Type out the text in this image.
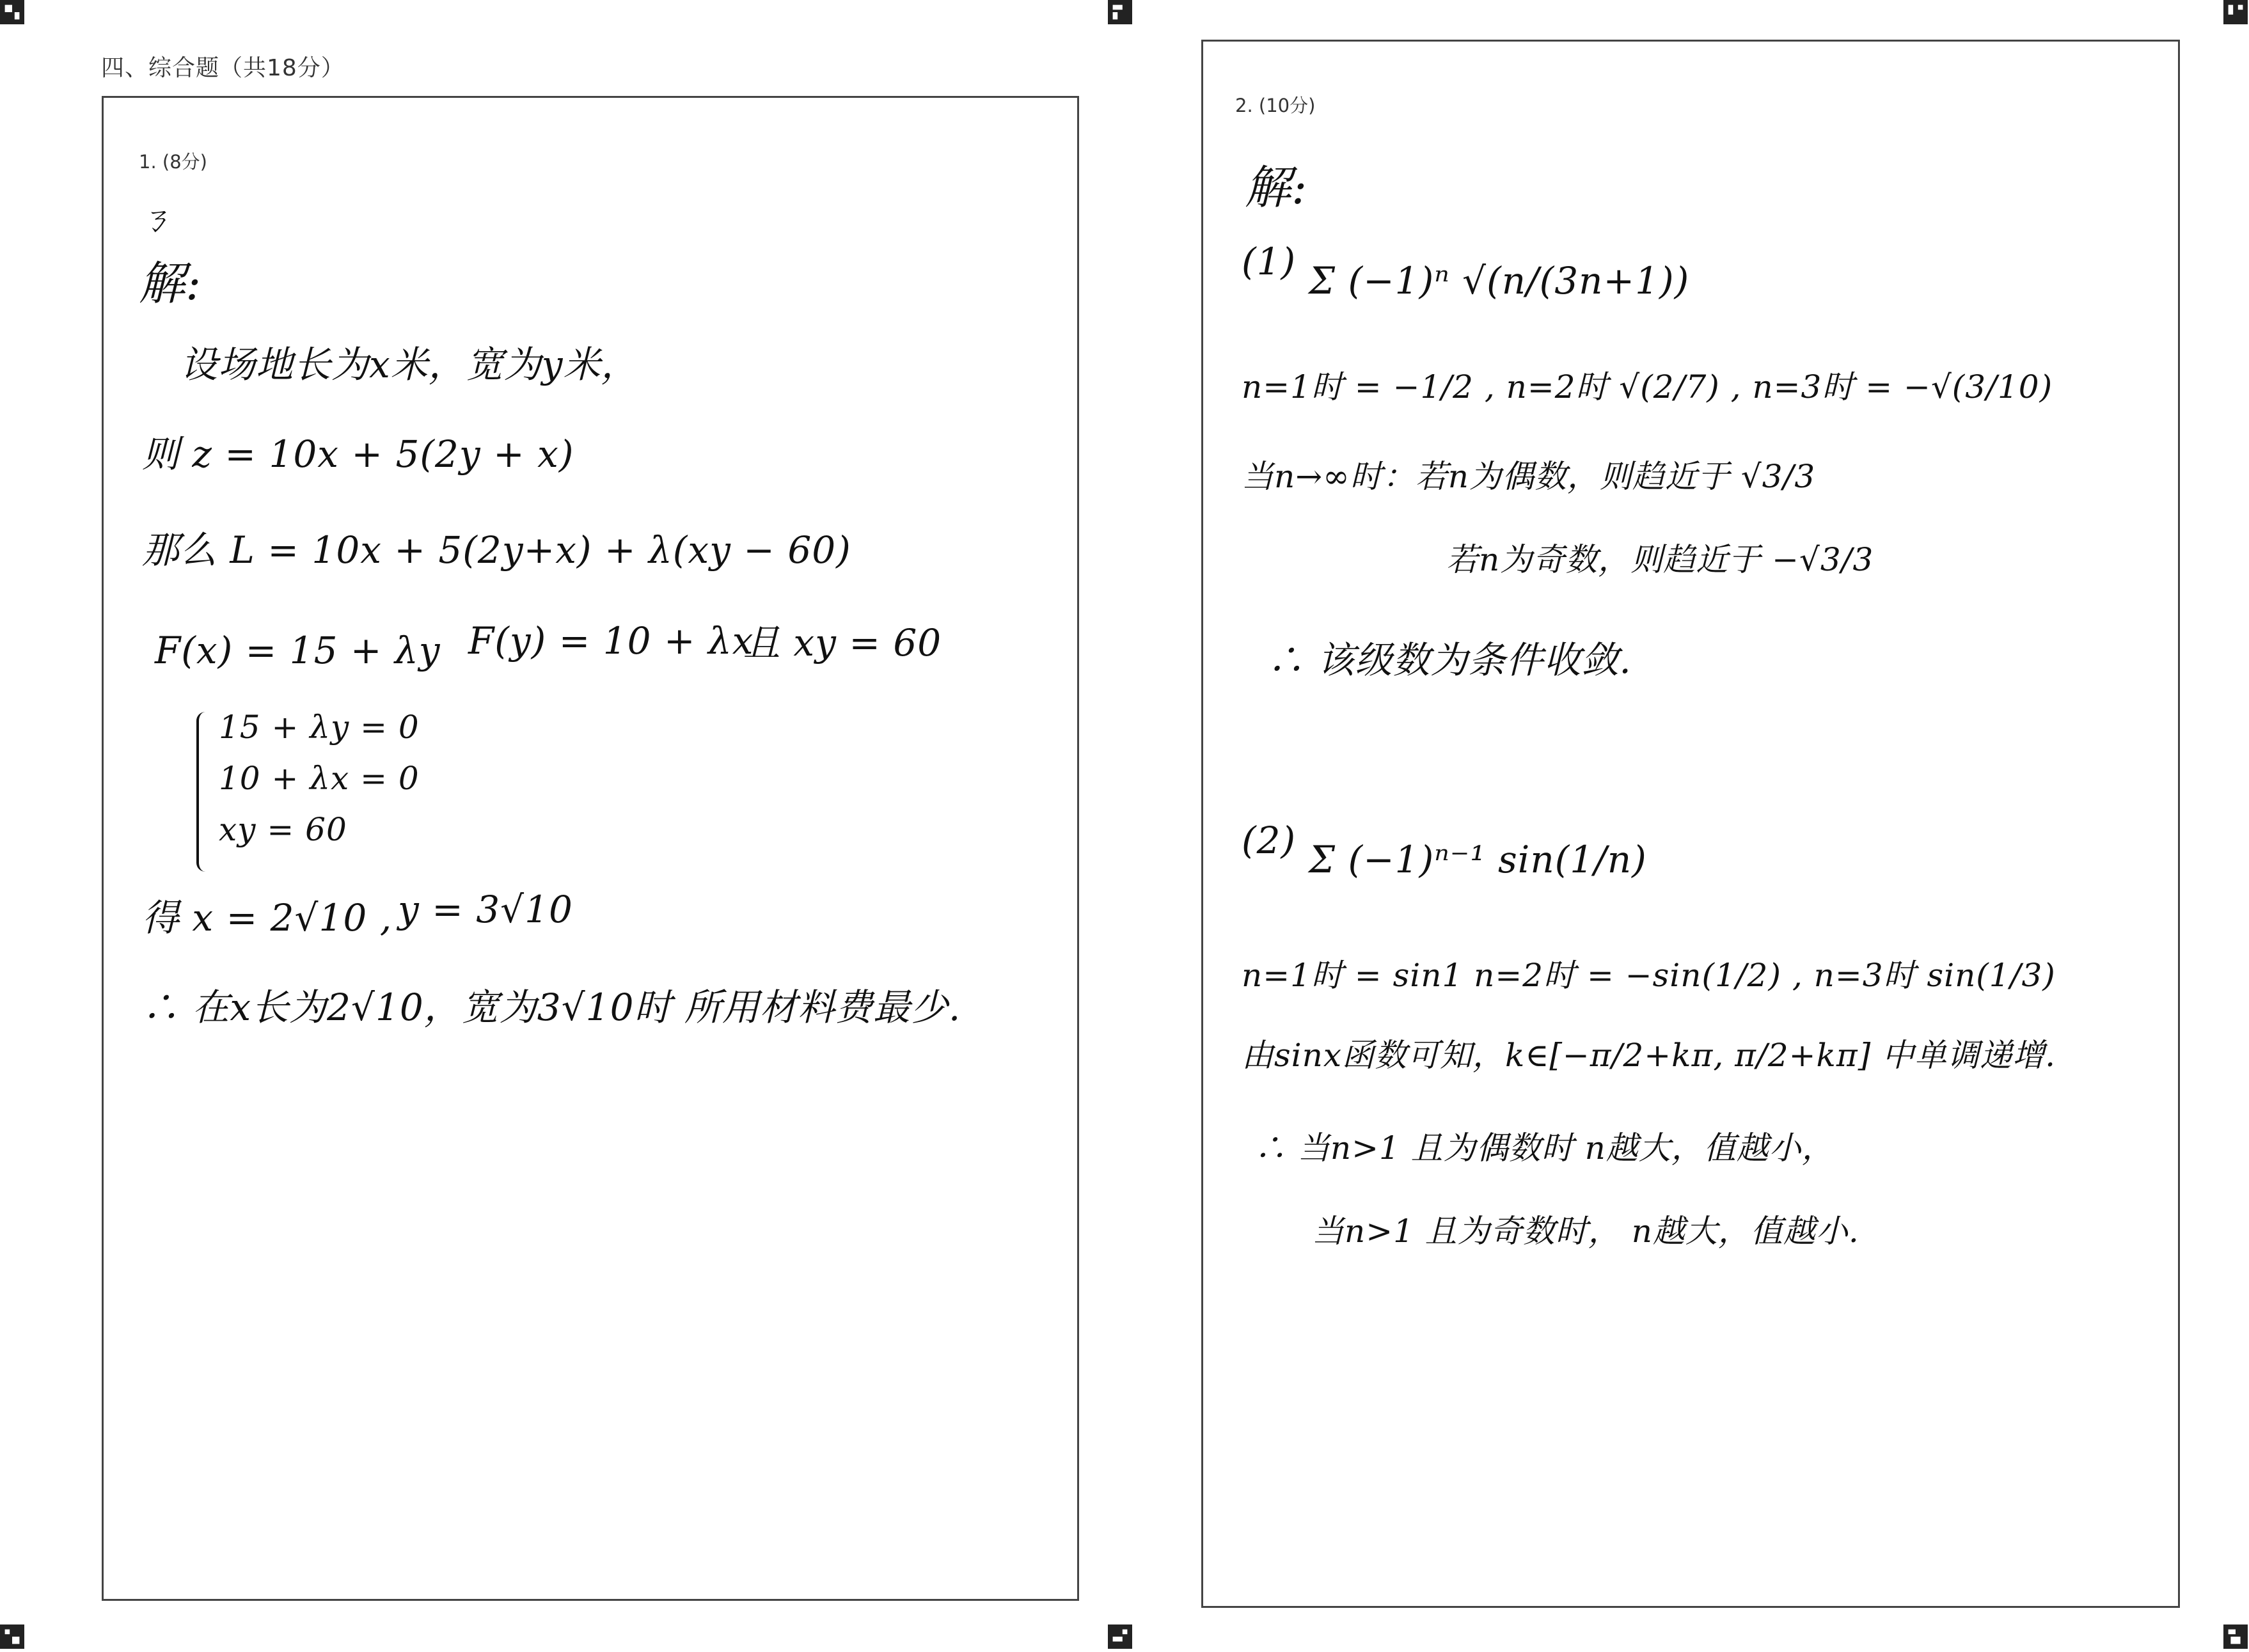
四、综合题（共18分）
1. (8分)
ㄋ
解:
设场地长为x米，宽为y米，
则 z = 10x + 5(2y + x)
那么 L = 10x + 5(2y+x) + λ(xy − 60)
F(x) = 15 + λy F(y) = 10 + λx
且 xy = 60
15 + λy = 0
10 + λx = 0
xy = 60
得 x = 2√10 , y = 3√10
∴ 在x长为2√10，宽为3√10时 所用材料费最少.
2. (10分)
解:
(1) Σ (−1)ⁿ √(n/(3n+1))
n=1时 = −1/2 , n=2时 √(2/7) , n=3时 = −√(3/10)
当n→∞时：若n为偶数，则趋近于 √3/3
若n为奇数，则趋近于 −√3/3
∴ 该级数为条件收敛.
(2) Σ (−1)ⁿ⁻¹ sin(1/n)
n=1时 = sin1 n=2时 = −sin(1/2) , n=3时 sin(1/3)
由sinx函数可知，k∈[−π/2+kπ, π/2+kπ] 中单调递增.
∴ 当n>1 且为偶数时 n越大，值越小，
当n>1 且为奇数时， n越大，值越小.
